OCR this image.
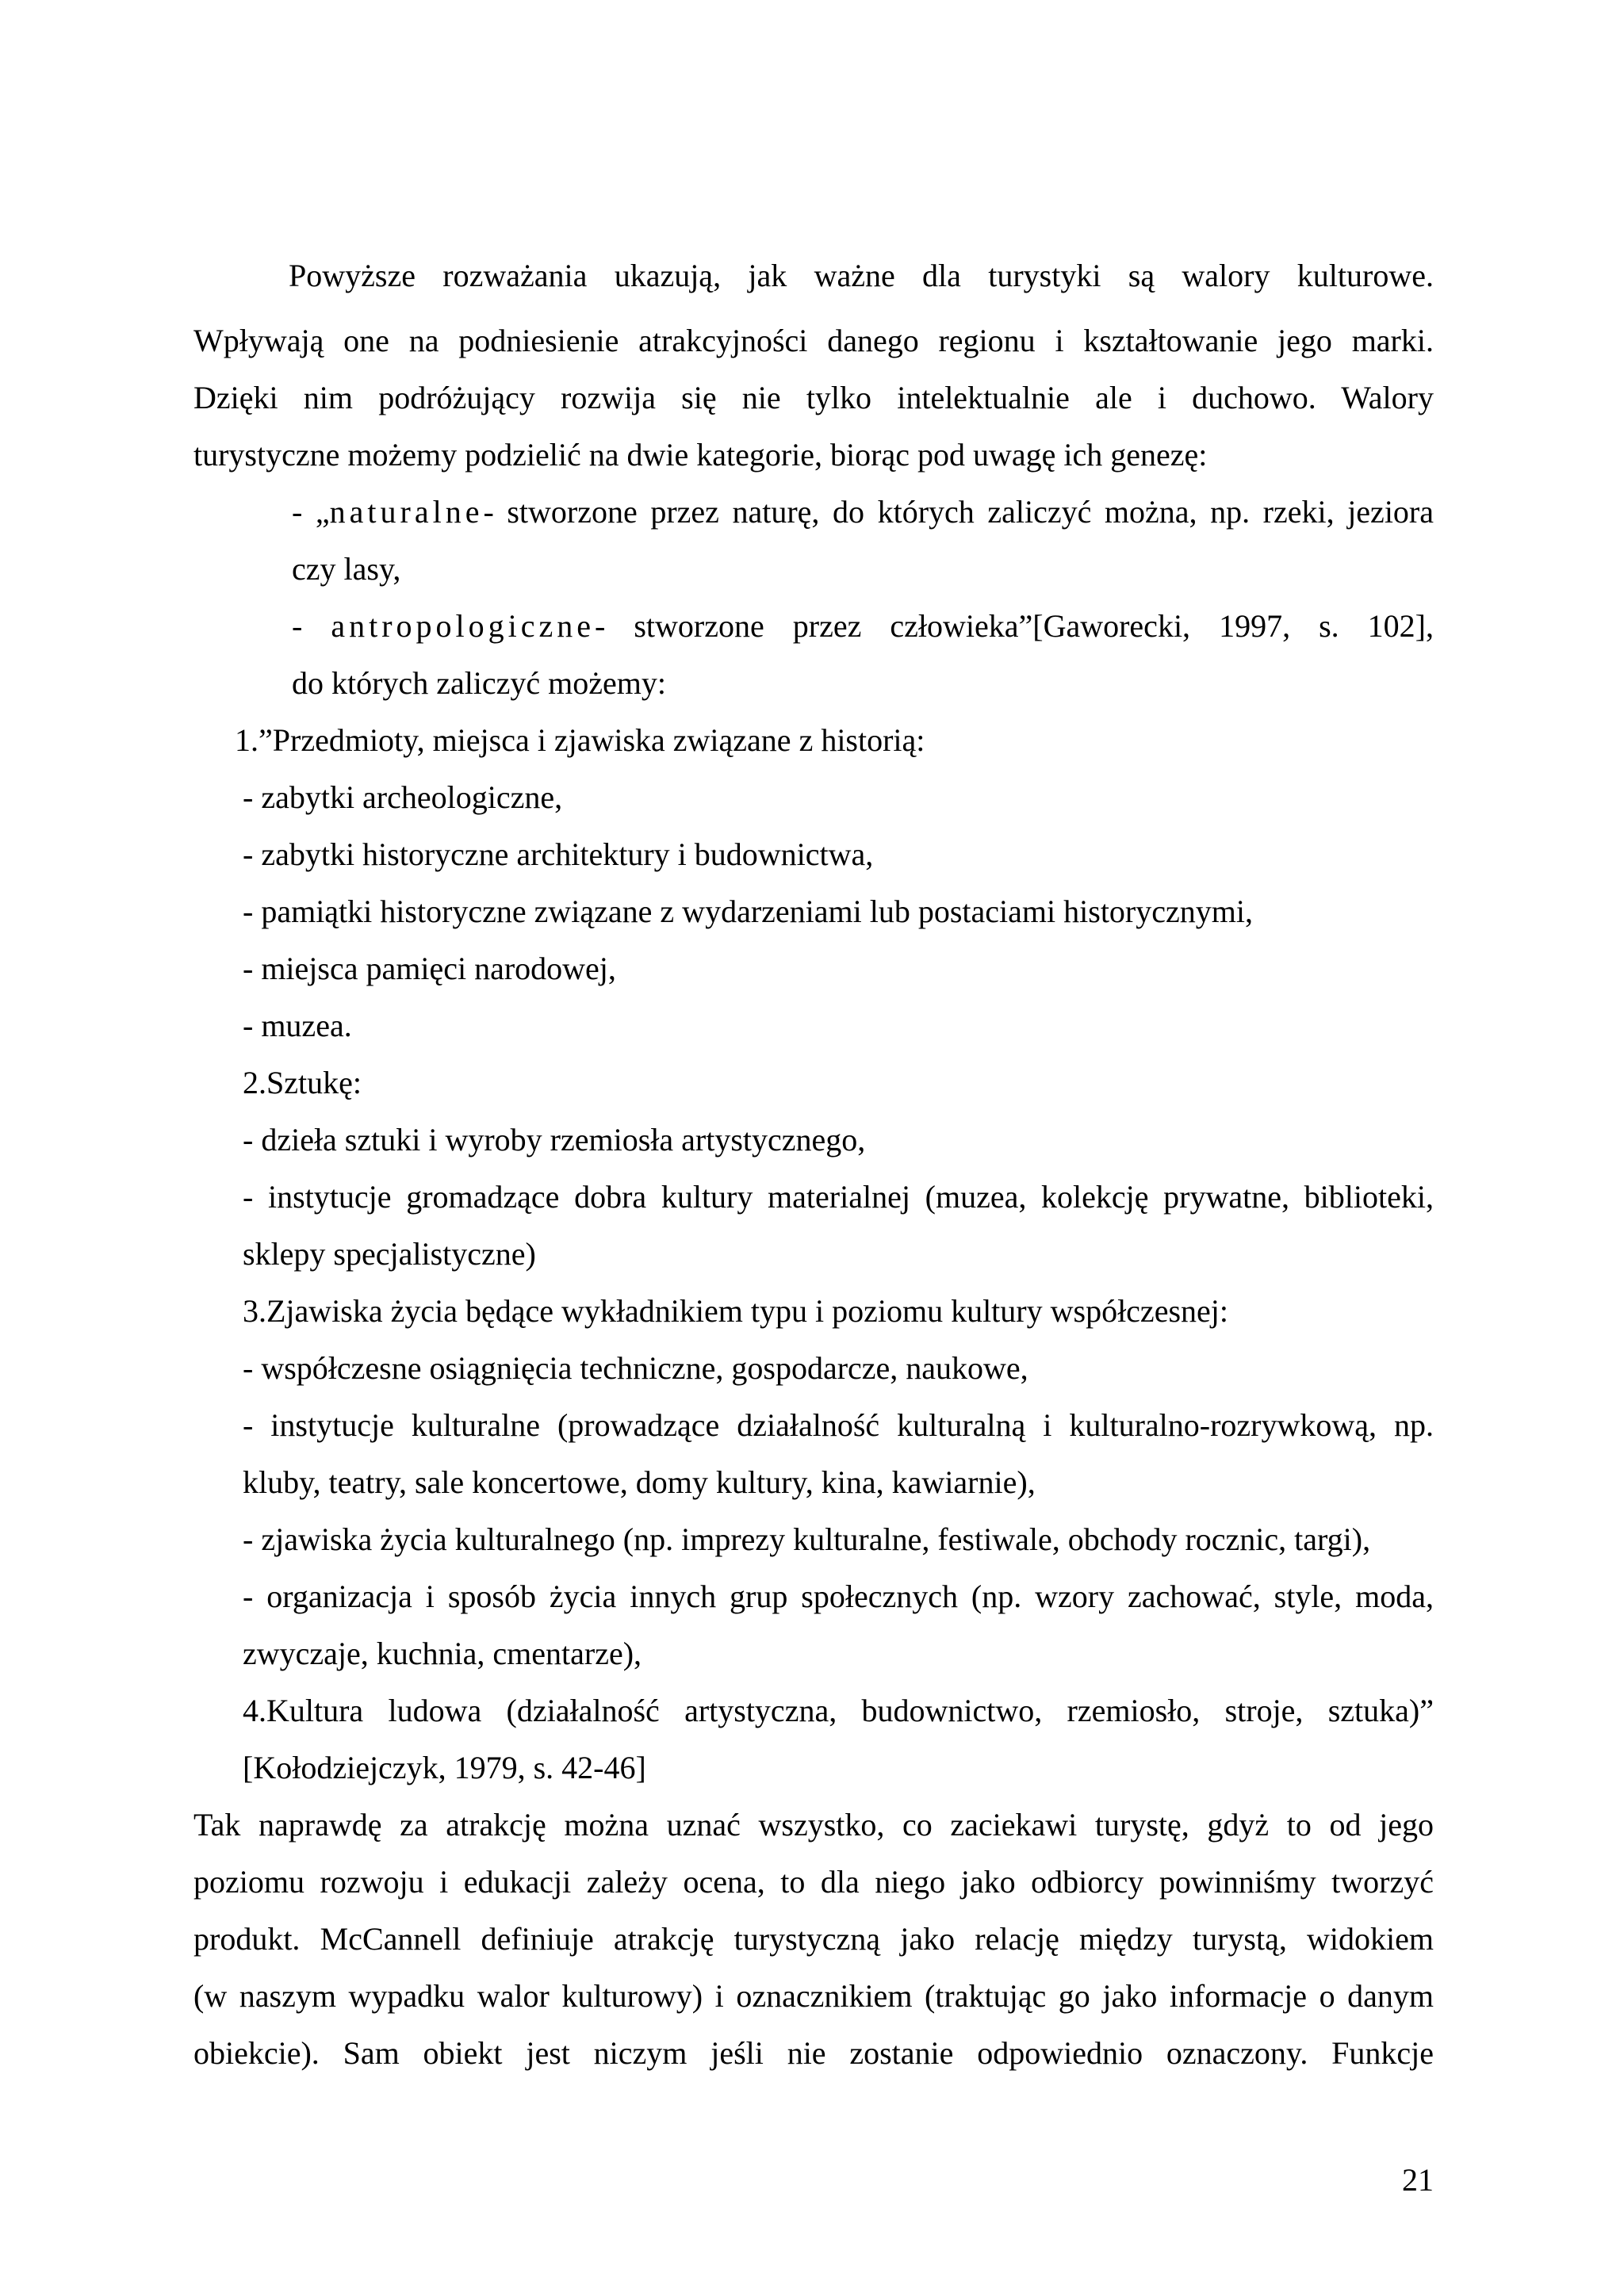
Powyższe rozważania ukazują, jak ważne dla turystyki są walory kulturowe.
Wpływają one na podniesienie atrakcyjności danego regionu i kształtowanie jego marki.
Dzięki nim podróżujący rozwija się nie tylko intelektualnie ale i duchowo. Walory
turystyczne możemy podzielić na dwie kategorie, biorąc pod uwagę ich genezę:
- „naturalne- stworzone przez naturę, do których zaliczyć można, np. rzeki, jeziora
czy lasy,
- antropologiczne- stworzone przez człowieka”[Gaworecki, 1997, s. 102],
do których zaliczyć możemy:
1.”Przedmioty, miejsca i zjawiska związane z historią:
- zabytki archeologiczne,
- zabytki historyczne architektury i budownictwa,
- pamiątki historyczne związane z wydarzeniami lub postaciami historycznymi,
- miejsca pamięci narodowej,
- muzea.
2.Sztukę:
- dzieła sztuki i wyroby rzemiosła artystycznego,
- instytucje gromadzące dobra kultury materialnej (muzea, kolekcję prywatne, biblioteki,
sklepy specjalistyczne)
3.Zjawiska życia będące wykładnikiem typu i poziomu kultury współczesnej:
- współczesne osiągnięcia techniczne, gospodarcze, naukowe,
- instytucje kulturalne (prowadzące działalność kulturalną i kulturalno-rozrywkową, np.
kluby, teatry, sale koncertowe, domy kultury, kina, kawiarnie),
- zjawiska życia kulturalnego (np. imprezy kulturalne, festiwale, obchody rocznic, targi),
- organizacja i sposób życia innych grup społecznych (np. wzory zachować, style, moda,
zwyczaje, kuchnia, cmentarze),
4.Kultura ludowa (działalność artystyczna, budownictwo, rzemiosło, stroje, sztuka)”
[Kołodziejczyk, 1979, s. 42-46]
Tak naprawdę za atrakcję można uznać wszystko, co zaciekawi turystę, gdyż to od jego
poziomu rozwoju i edukacji zależy ocena, to dla niego jako odbiorcy powinniśmy tworzyć
produkt. McCannell definiuje atrakcję turystyczną jako relację między turystą, widokiem
(w naszym wypadku walor kulturowy) i oznacznikiem (traktując go jako informacje o danym
obiekcie). Sam obiekt jest niczym jeśli nie zostanie odpowiednio oznaczony. Funkcje
21
